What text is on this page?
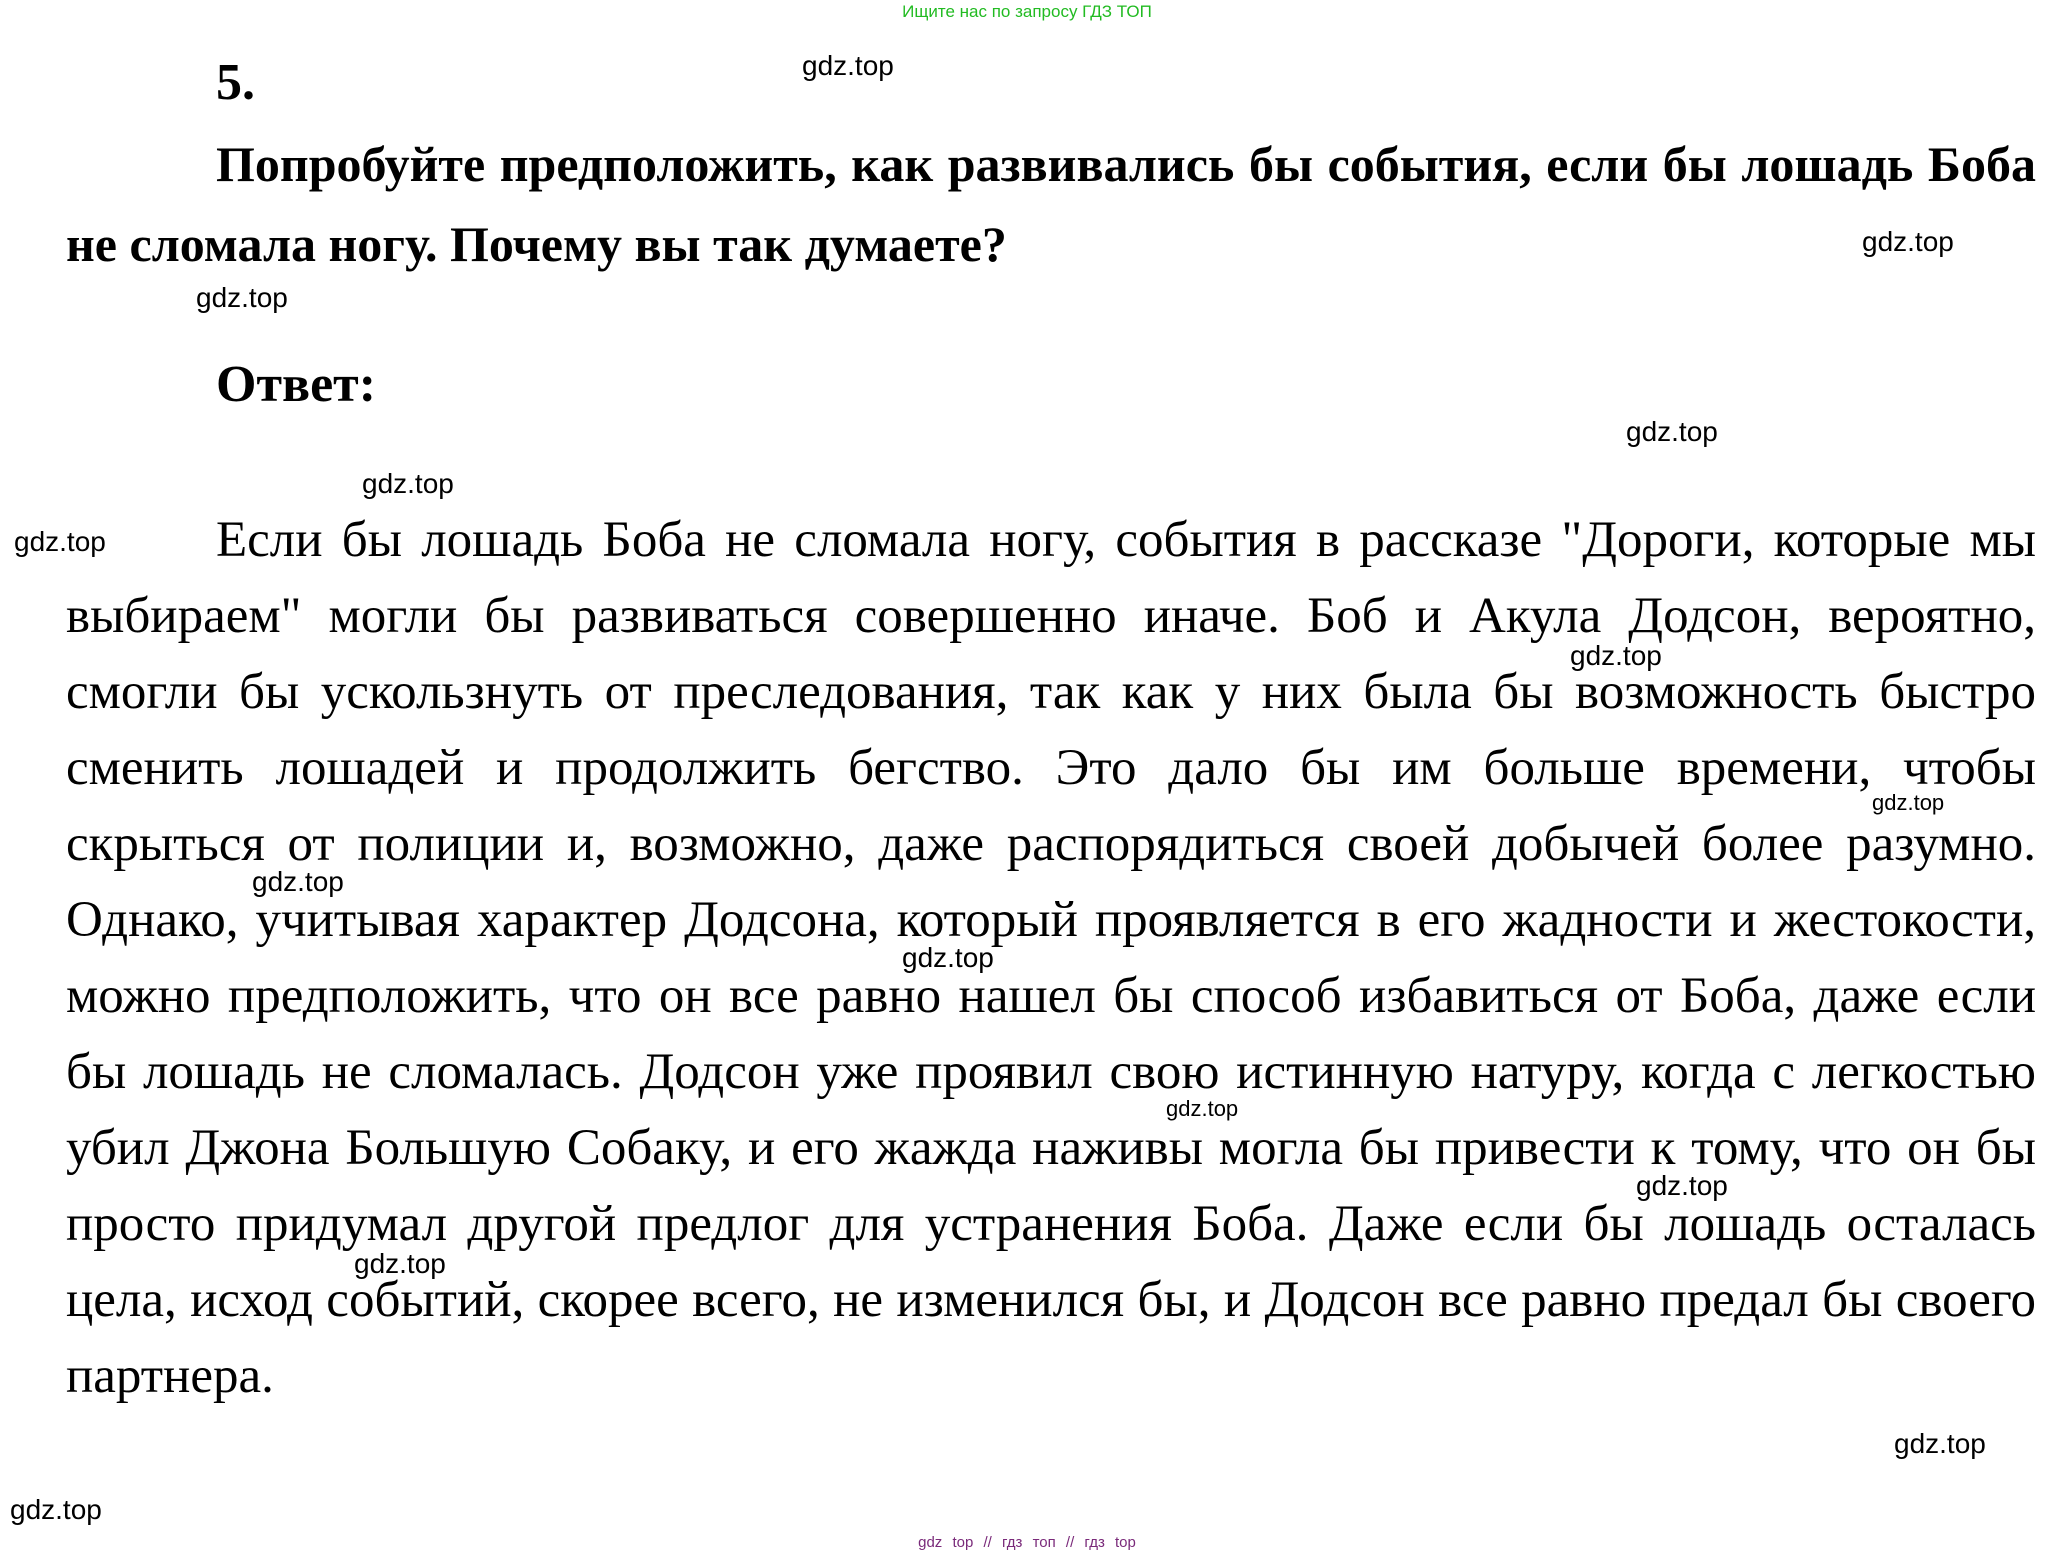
Ищите нас по запросу ГДЗ ТОП
5.

Попробуйте предположить, как развивались бы события, если бы лошадь Боба не сломала ногу. Почему вы так думаете?

Ответ:

Если бы лошадь Боба не сломала ногу, события в рассказе "Дороги, которые мы выбираем" могли бы развиваться совершенно иначе. Боб и Акула Додсон, вероятно, смогли бы ускользнуть от преследования, так как у них была бы возможность быстро сменить лошадей и продолжить бегство. Это дало бы им больше времени, чтобы скрыться от полиции и, возможно, даже распорядиться своей добычей более разумно. Однако, учитывая характер Додсона, который проявляется в его жадности и жестокости, можно предположить, что он все равно нашел бы способ избавиться от Боба, даже если бы лошадь не сломалась. Додсон уже проявил свою истинную натуру, когда с легкостью убил Джона Большую Собаку, и его жажда наживы могла бы привести к тому, что он бы просто придумал другой предлог для устранения Боба. Даже если бы лошадь осталась цела, исход событий, скорее всего, не изменился бы, и Додсон все равно предал бы своего партнера.

gdz.top
gdz.top
gdz.top
gdz.top
gdz.top
gdz.top
gdz.top
gdz.top
gdz.top
gdz.top
gdz.top
gdz.top
gdz.top
gdz.top
gdz.top
gdz top // гдз топ // гдз top
